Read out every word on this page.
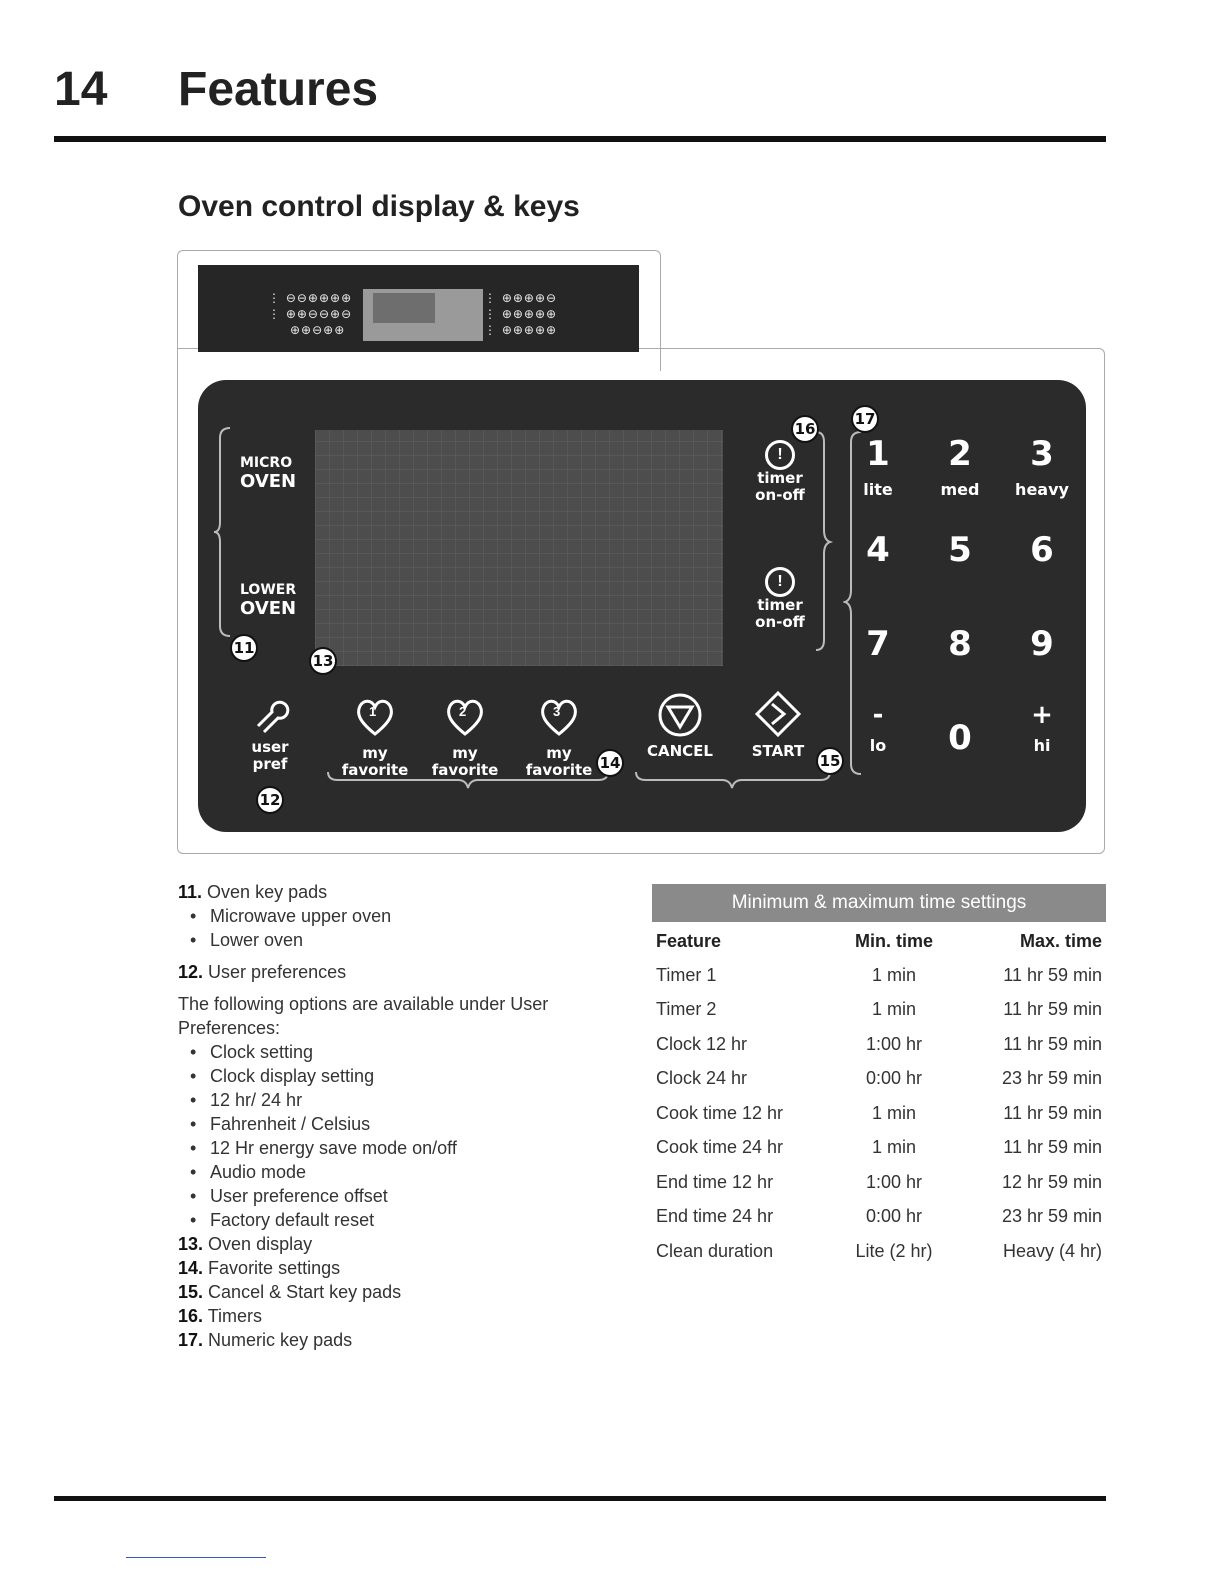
14 Features
Oven control display & keys
⋮ ⊖⊖⊕⊕⊕⊕
⋮ ⊕⊕⊖⊖⊕⊖
⊕⊕⊖⊕⊕
⋮ ⊕⊕⊕⊕⊖
⋮ ⊕⊕⊕⊕⊕
⋮ ⊕⊕⊕⊕⊕
MICRO
OVEN
LOWER
OVEN
!
timer
on-off
!
timer
on-off
1
lite
2
med
3
heavy
4	5	6
7	8	9
-
lo	0
+
hi
user
pref
1
my
favorite
2
my
favorite
3
my
favorite
CANCEL	START
11
12
13
14	15
16
17
11. Oven key pads
• Microwave upper oven
• Lower oven
12. User preferences
The following options are available under User Preferences:
• Clock setting
• Clock display setting
• 12 hr/ 24 hr
• Fahrenheit / Celsius
• 12 Hr energy save mode on/off
• Audio mode
• User preference offset
• Factory default reset
13. Oven display
14. Favorite settings
15. Cancel & Start key pads
16. Timers
17. Numeric key pads
Minimum & maximum time settings
Feature	Min. time	Max. time
Timer 1	1 min	11 hr 59 min
Timer 2	1 min	11 hr 59 min
Clock 12 hr	1:00 hr	11 hr 59 min
Clock 24 hr	0:00 hr	23 hr 59 min
Cook time 12 hr	1 min	11 hr 59 min
Cook time 24 hr	1 min	11 hr 59 min
End time 12 hr	1:00 hr	12 hr 59 min
End time 24 hr	0:00 hr	23 hr 59 min
Clean duration	Lite (2 hr)	Heavy (4 hr)
